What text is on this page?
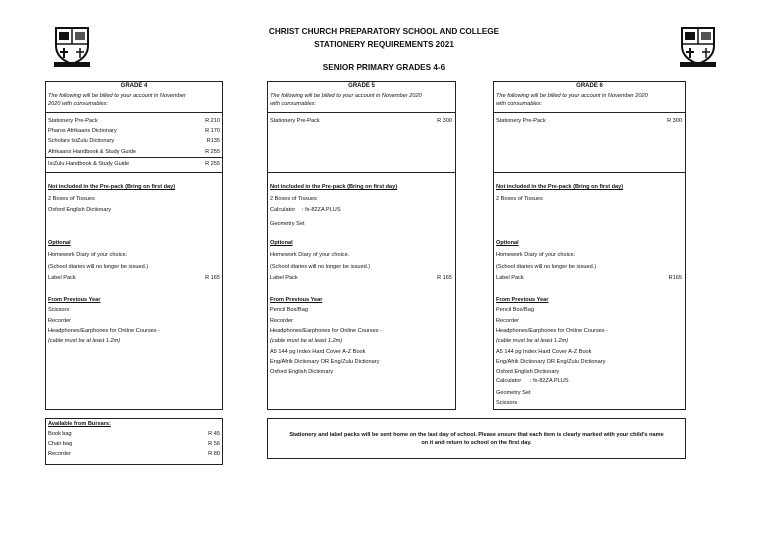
CHRIST CHURCH PREPARATORY SCHOOL AND COLLEGE
STATIONERY REQUIREMENTS 2021
SENIOR PRIMARY GRADES 4-6
GRADE 4
The following will be billed to your account in November
2020 with consumables:
Stationery Pre-Pack	R 210
Pharos Afrikaans Dictionary	R 170
Scholars IsiZulu Dictionary	R135
Afrikaans Handbook & Study Guide	R 255
IsiZulu Handbook & Study Guide	R 255
Not included in the Pre-pack (Bring on first day)
2 Boxes of Tissues
Oxford English Dictionary
Optional
Homework Diary of your choice.
(School diaries will no longer be issued.)
Label Pack	R 165
From Previous Year
Scissors
Recorder
Headphones/Earphones for Online Courses -
(cable must be at least 1.2m)
GRADE 5
The following will be billed to your account in November 2020
with consumables:
Stationery Pre-Pack	R 300
Not included in the Pre-pack (Bring on first day)
2 Boxes of Tissues
Calculator : fx-82ZA PLUS
Geometry Set
Optional
Homework Diary of your choice.
(School diaries will no longer be issued.)
Label Pack	R 165
From Previous Year
Pencil Box/Bag
Recorder
Headphones/Earphones for Online Courses -
(cable must be at least 1.2m)
A5 144 pg Index Hard Cover A-Z Book
Eng/Afrik Dictionary OR Eng/Zulu Dictionary
Oxford English Dictionary
GRADE 6
The following will be billed to your account in November 2020
with consumables:
Stationery Pre-Pack	R 300
Not included in the Pre-pack (Bring on first day)
2 Boxes of Tissues
Optional
Homework Diary of your choice.
(School diaries will no longer be issued.)
Label Pack	R165
From Previous Year
Pencil Box/Bag
Recorder
Headphones/Earphones for Online Courses -
(cable must be at least 1.2m)
A5 144 pg Index Hard Cover A-Z Book
Eng/Afrik Dictionary OR Eng/Zulu Dictionary
Oxford English Dictionary
Calculator : fx-82ZA PLUS
Geometry Set
Scissors
Available from Bursars:
Book bag	R 45
Chair bag	R 56
Recorder	R 80
Stationery and label packs will be sent home on the last day of school. Please ensure that each item is clearly marked with your child's name
on it and return to school on the first day.
